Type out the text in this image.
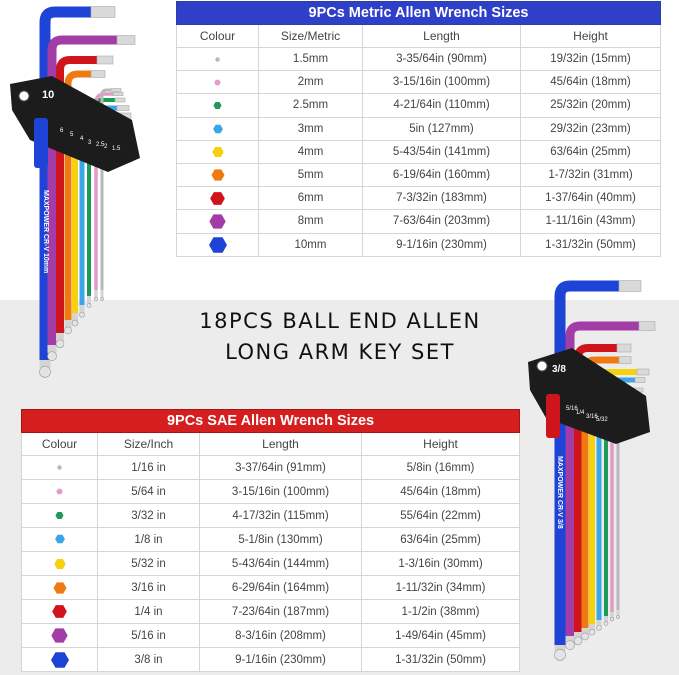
10
6
5
4
3 2.5 2 1.5
MAXPOWER CR-V 10mm
3/8
5/16
1/4
3/16
5/32
MAXPOWER CR-V 3/8
18PCS BALL END ALLEN
LONG ARM KEY SET
9PCs Metric Allen Wrench Sizes			
Colour	Size/Metric	Length	Height
	1.5mm	3-35/64in (90mm)	19/32in (15mm)
	2mm	3-15/16in (100mm)	45/64in (18mm)
	2.5mm	4-21/64in (110mm)	25/32in (20mm)
	3mm	5in (127mm)	29/32in (23mm)
	4mm	5-43/54in (141mm)	63/64in (25mm)
	5mm	6-19/64in (160mm)	1-7/32in (31mm)
	6mm	7-3/32in (183mm)	1-37/64in (40mm)
	8mm	7-63/64in (203mm)	1-11/16in (43mm)
	10mm	9-1/16in (230mm)	1-31/32in (50mm)
9PCs SAE Allen Wrench Sizes			
Colour	Size/Inch	Length	Height
	1/16 in	3-37/64in (91mm)	5/8in (16mm)
	5/64 in	3-15/16in (100mm)	45/64in (18mm)
	3/32 in	4-17/32in (115mm)	55/64in (22mm)
	1/8 in	5-1/8in (130mm)	63/64in (25mm)
	5/32 in	5-43/64in (144mm)	1-3/16in (30mm)
	3/16 in	6-29/64in (164mm)	1-11/32in (34mm)
	1/4 in	7-23/64in (187mm)	1-1/2in (38mm)
	5/16 in	8-3/16in (208mm)	1-49/64in (45mm)
	3/8 in	9-1/16in (230mm)	1-31/32in (50mm)
